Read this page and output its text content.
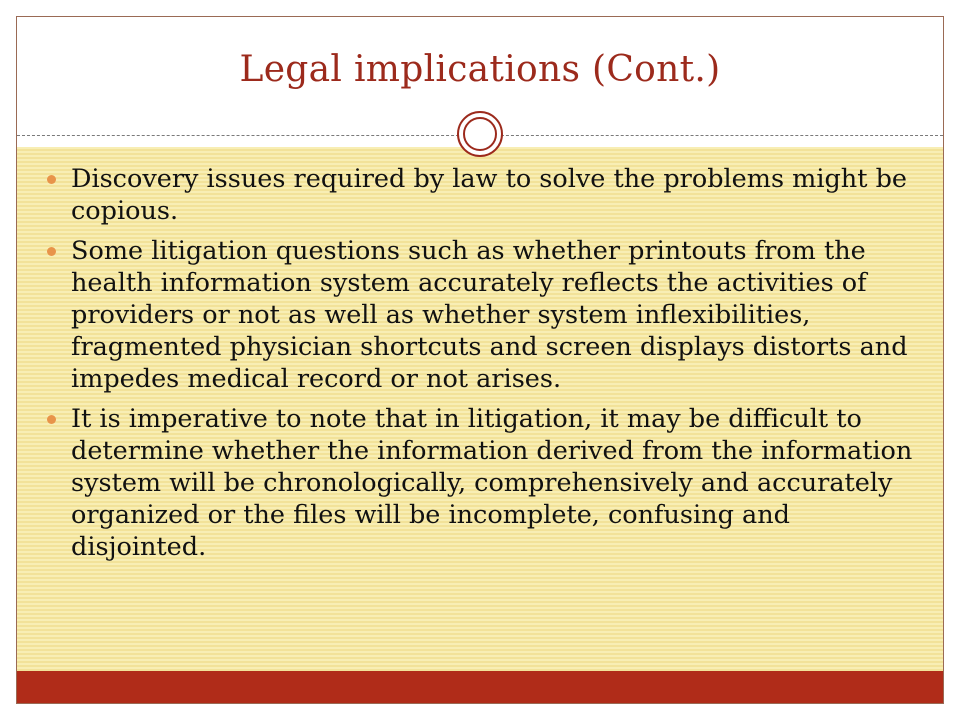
Legal implications (Cont.)
Discovery issues required by law to solve the problems might be copious.
Some litigation questions such as whether printouts from the health information system accurately reflects the activities of providers or not as well as whether system inflexibilities, fragmented physician shortcuts and screen displays distorts and impedes medical record or not arises.
It is imperative to note that in litigation, it may be difficult to determine whether the information derived from the information system will be chronologically, comprehensively and accurately organized or the files will be incomplete, confusing and disjointed.
